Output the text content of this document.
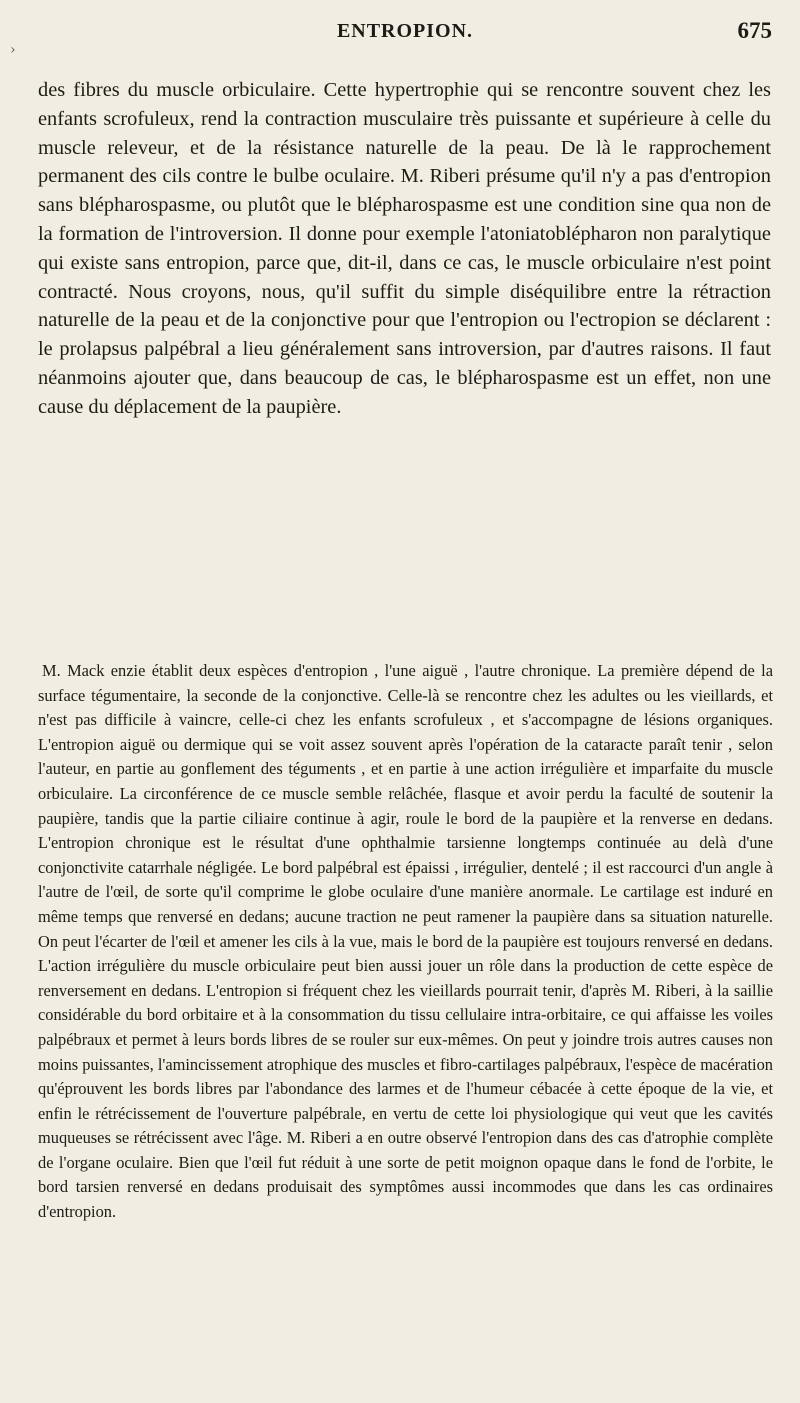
ENTROPION.	675
›

des fibres du muscle orbiculaire. Cette hypertrophie qui se rencontre souvent chez les enfants scrofuleux, rend la contraction musculaire très puissante et supérieure à celle du muscle releveur, et de la résistance naturelle de la peau. De là le rapprochement permanent des cils contre le bulbe oculaire. M. Riberi présume qu'il n'y a pas d'entropion sans blépharospasme, ou plutôt que le blépharospasme est une condition sine qua non de la formation de l'introversion. Il donne pour exemple l'atoniatoblépharon non paralytique qui existe sans entropion, parce que, dit-il, dans ce cas, le muscle orbiculaire n'est point contracté. Nous croyons, nous, qu'il suffit du simple diséquilibre entre la rétraction naturelle de la peau et de la conjonctive pour que l'entropion ou l'ectropion se déclarent : le prolapsus palpébral a lieu généralement sans introversion, par d'autres raisons. Il faut néanmoins ajouter que, dans beaucoup de cas, le blépharospasme est un effet, non une cause du déplacement de la paupière.

M. Mack enzie établit deux espèces d'entropion , l'une aiguë , l'autre chronique. La première dépend de la surface tégumentaire, la seconde de la conjonctive. Celle-là se rencontre chez les adultes ou les vieillards, et n'est pas difficile à vaincre, celle-ci chez les enfants scrofuleux , et s'accompagne de lésions organiques. L'entropion aiguë ou dermique qui se voit assez souvent après l'opération de la cataracte paraît tenir , selon l'auteur, en partie au gonflement des téguments , et en partie à une action irrégulière et imparfaite du muscle orbiculaire. La circonférence de ce muscle semble relâchée, flasque et avoir perdu la faculté de soutenir la paupière, tandis que la partie ciliaire continue à agir, roule le bord de la paupière et la renverse en dedans. L'entropion chronique est le résultat d'une ophthalmie tarsienne longtemps continuée au delà d'une conjonctivite catarrhale négligée. Le bord palpébral est épaissi , irrégulier, dentelé ; il est raccourci d'un angle à l'autre de l'œil, de sorte qu'il comprime le globe oculaire d'une manière anormale. Le cartilage est induré en même temps que renversé en dedans; aucune traction ne peut ramener la paupière dans sa situation naturelle. On peut l'écarter de l'œil et amener les cils à la vue, mais le bord de la paupière est toujours renversé en dedans. L'action irrégulière du muscle orbiculaire peut bien aussi jouer un rôle dans la production de cette espèce de renversement en dedans. L'entropion si fréquent chez les vieillards pourrait tenir, d'après M. Riberi, à la saillie considérable du bord orbitaire et à la consommation du tissu cellulaire intra-orbitaire, ce qui affaisse les voiles palpébraux et permet à leurs bords libres de se rouler sur eux-mêmes. On peut y joindre trois autres causes non moins puissantes, l'amincissement atrophique des muscles et fibro-cartilages palpébraux, l'espèce de macération qu'éprouvent les bords libres par l'abondance des larmes et de l'humeur cébacée à cette époque de la vie, et enfin le rétrécissement de l'ouverture palpébrale, en vertu de cette loi physiologique qui veut que les cavités muqueuses se rétrécissent avec l'âge. M. Riberi a en outre observé l'entropion dans des cas d'atrophie complète de l'organe oculaire. Bien que l'œil fut réduit à une sorte de petit moignon opaque dans le fond de l'orbite, le bord tarsien renversé en dedans produisait des symptômes aussi incommodes que dans les cas ordinaires d'entropion.
